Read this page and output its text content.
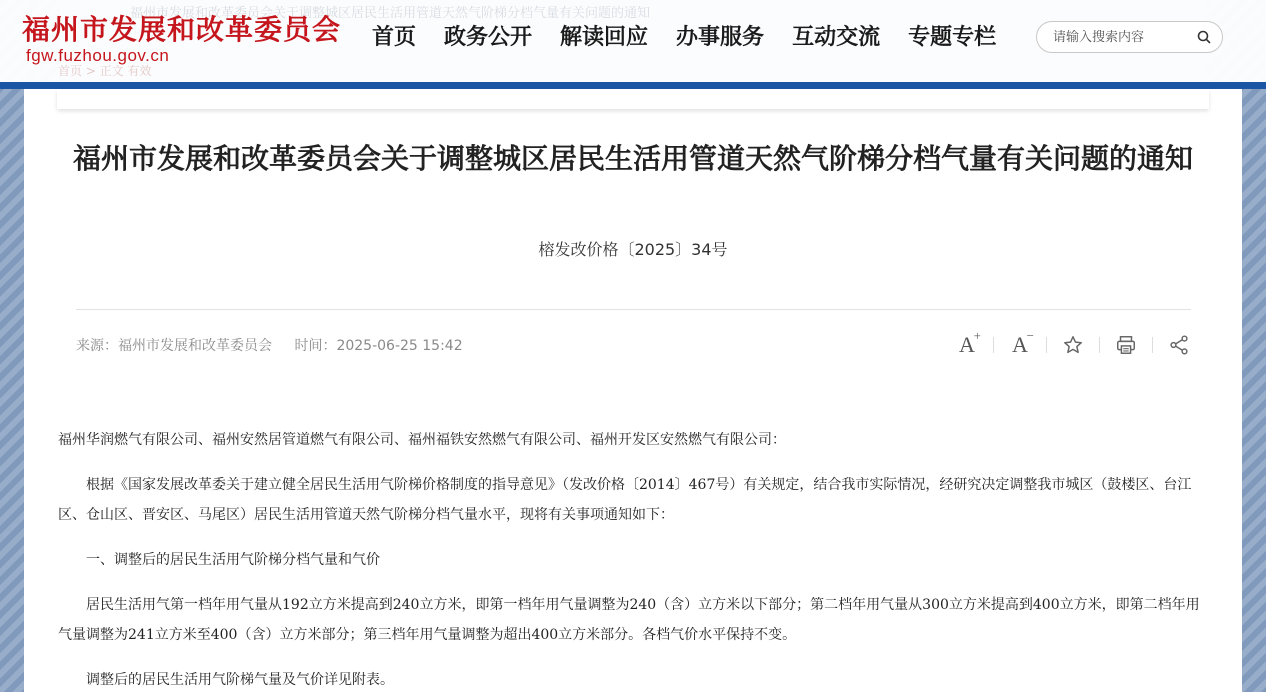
福州市发展和改革委员会关于调整城区居民生活用管道天然气阶梯分档气量有关问题的通知
首页 > 正文 有效
福州市发展和改革委员会
fgw.fuzhou.gov.cn
首页 政务公开 解读回应 办事服务 互动交流 专题专栏
请输入搜索内容
福州市发展和改革委员会关于调整城区居民生活用管道天然气阶梯分档气量有关问题的通知
榕发改价格〔2025〕34号
来源：福州市发展和改革委员会 时间：2025-06-25 15:42	A
+ A
−

福州华润燃气有限公司、福州安然居管道燃气有限公司、福州福铁安然燃气有限公司、福州开发区安然燃气有限公司：

根据《国家发展改革委关于建立健全居民生活用气阶梯价格制度的指导意见》（发改价格〔2014〕467号）有关规定，结合我市实际情况，经研究决定调整我市城区（鼓楼区、台江区、仓山区、晋安区、马尾区）居民生活用管道天然气阶梯分档气量水平，现将有关事项通知如下：

一、调整后的居民生活用气阶梯分档气量和气价

居民生活用气第一档年用气量从192立方米提高到240立方米，即第一档年用气量调整为240（含）立方米以下部分；第二档年用气量从300立方米提高到400立方米，即第二档年用气量调整为241立方米至400（含）立方米部分；第三档年用气量调整为超出400立方米部分。各档气价水平保持不变。

调整后的居民生活用气阶梯气量及气价详见附表。
